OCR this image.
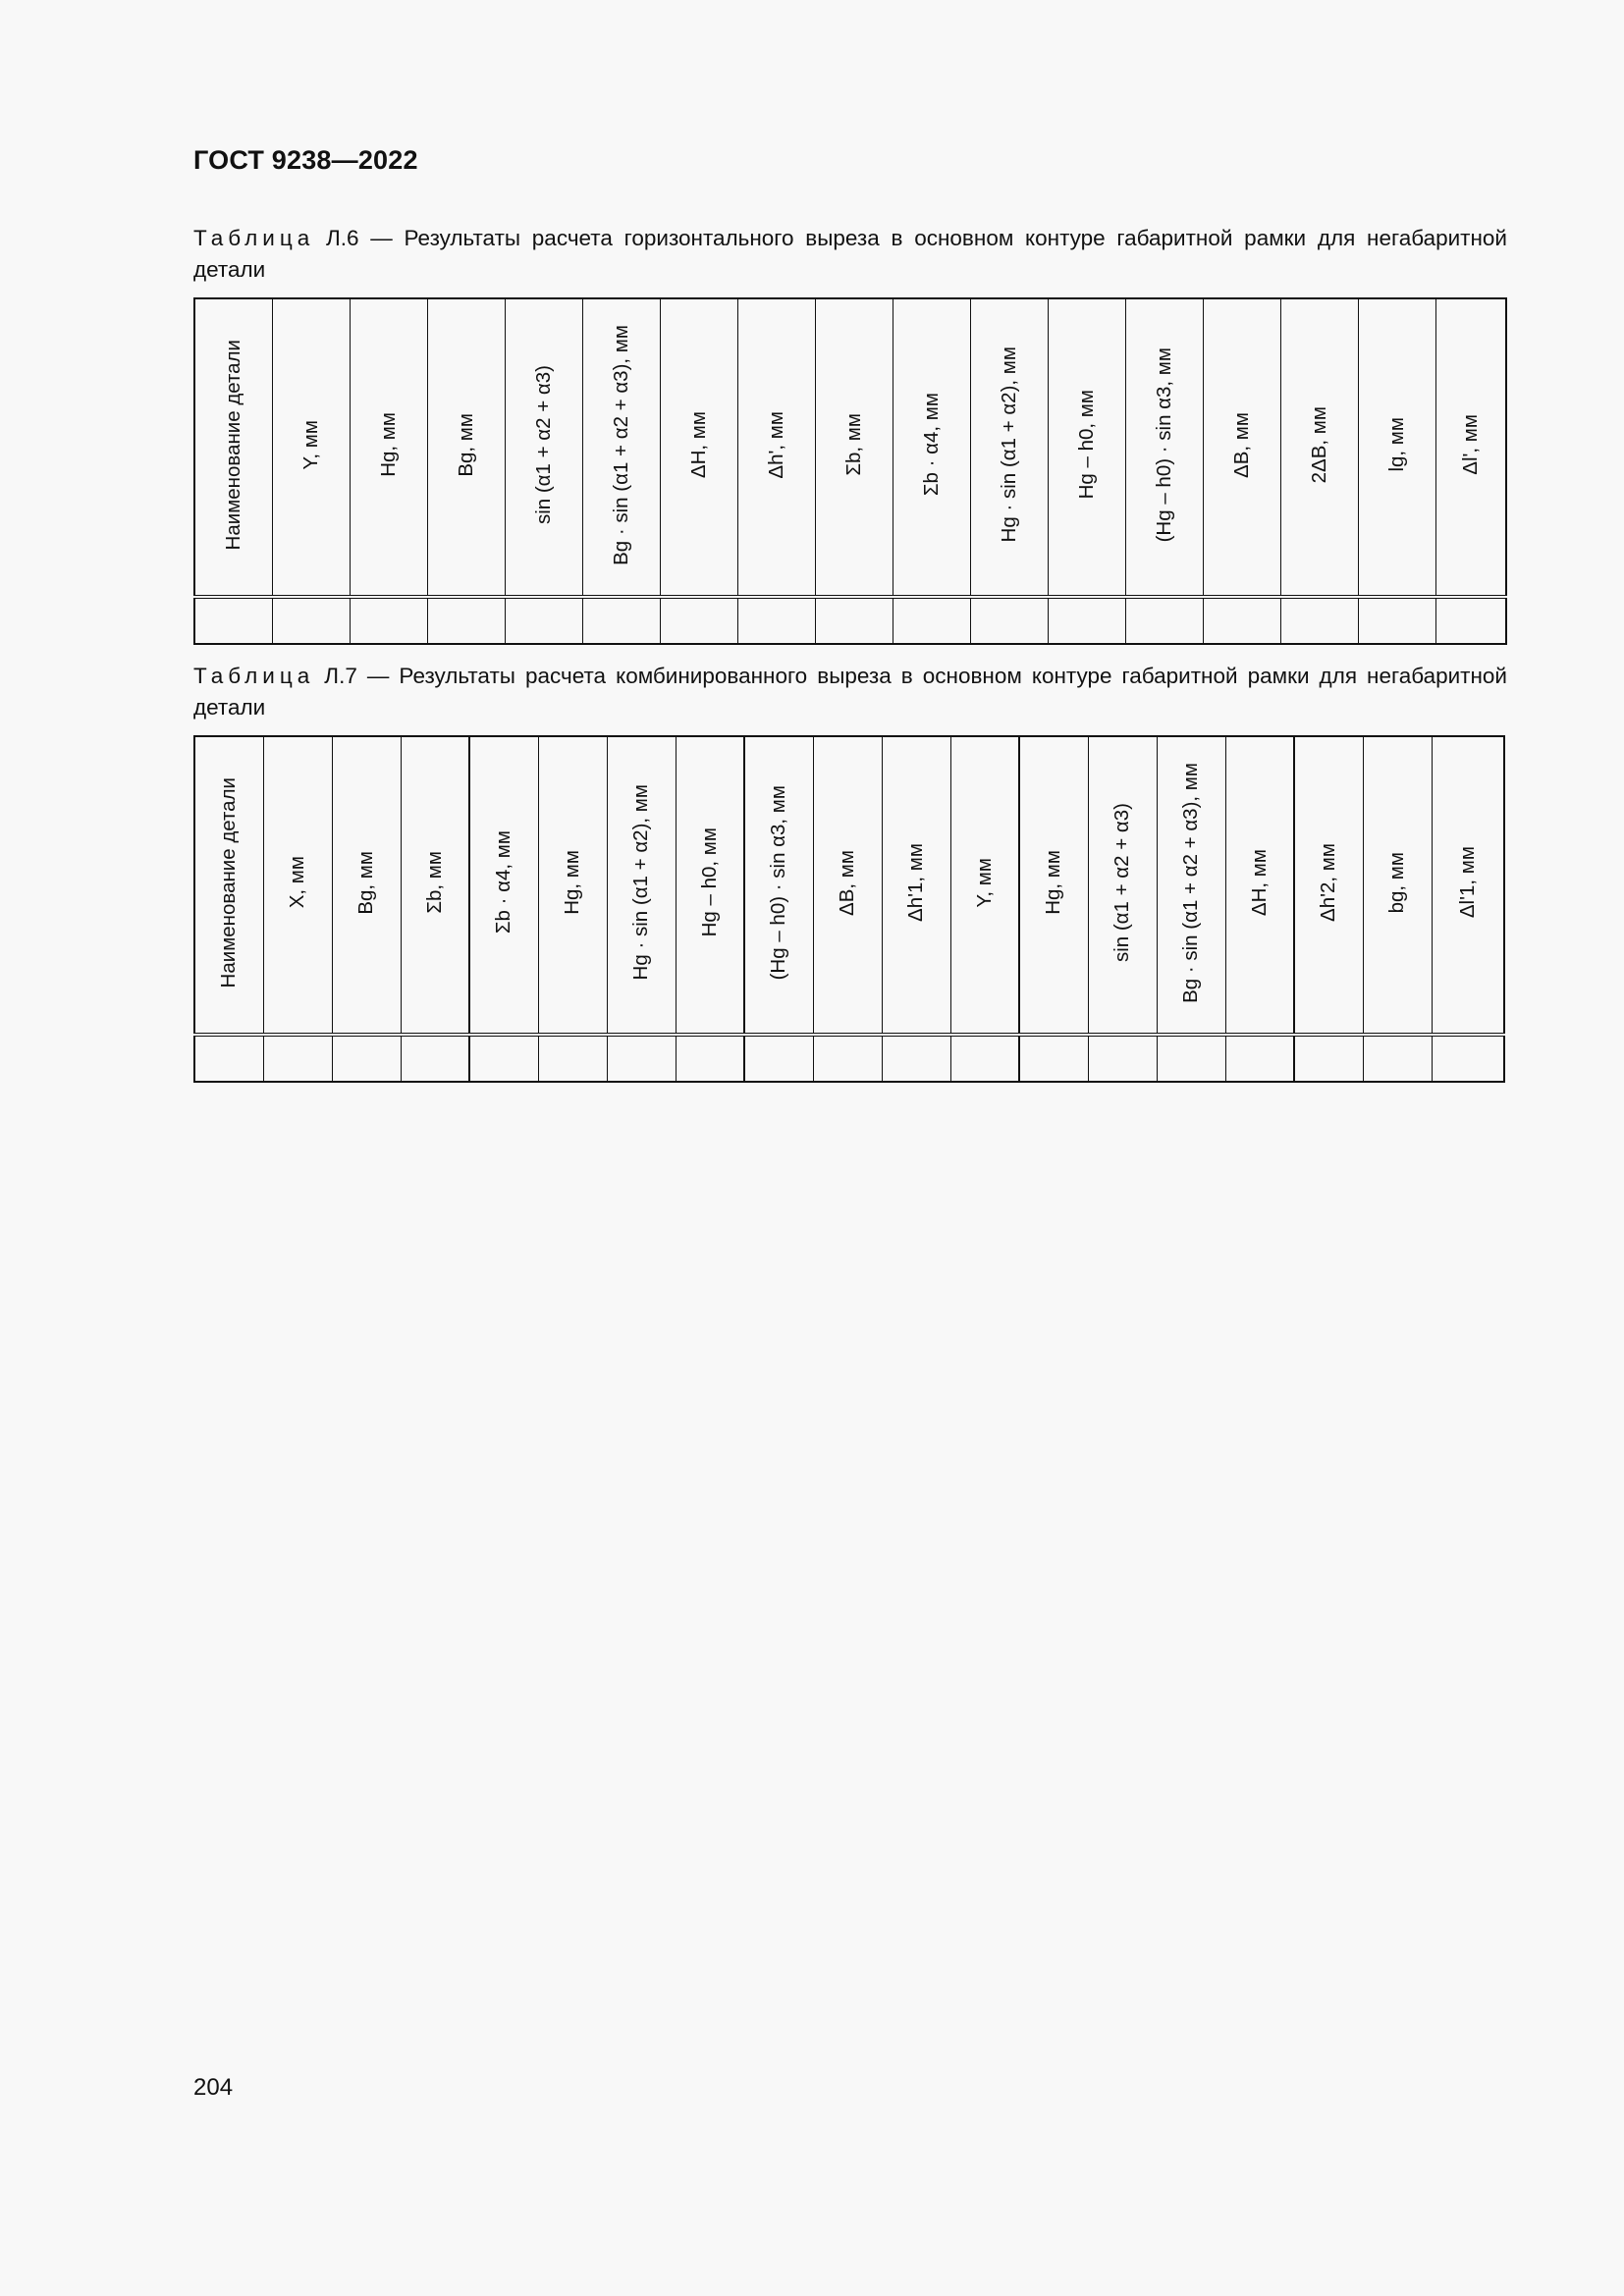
ГОСТ 9238—2022
Таблица Л.6 — Результаты расчета горизонтального выреза в основном контуре габаритной рамки для негабаритной детали
Наименование детали	Y, мм	Hg, мм	Bg, мм	sin (α1 + α2 + α3)	Bg · sin (α1 + α2 + α3), мм	ΔH, мм	Δh', мм	Σb, мм	Σb · α4, мм	Hg · sin (α1 + α2), мм	Hg – h0, мм	(Hg – h0) · sin α3, мм	ΔB, мм	2ΔB, мм	lg, мм	Δl', мм

Таблица Л.7 — Результаты расчета комбинированного выреза в основном контуре габаритной рамки для негабаритной детали
Наименование детали	X, мм	Bg, мм	Σb, мм	Σb · α4, мм	Hg, мм	Hg · sin (α1 + α2), мм	Hg – h0, мм	(Hg – h0) · sin α3, мм	ΔB, мм	Δh'1, мм	Y, мм	Hg, мм	sin (α1 + α2 + α3)	Bg · sin (α1 + α2 + α3), мм	ΔH, мм	Δh'2, мм	bg, мм	Δl'1, мм

204
